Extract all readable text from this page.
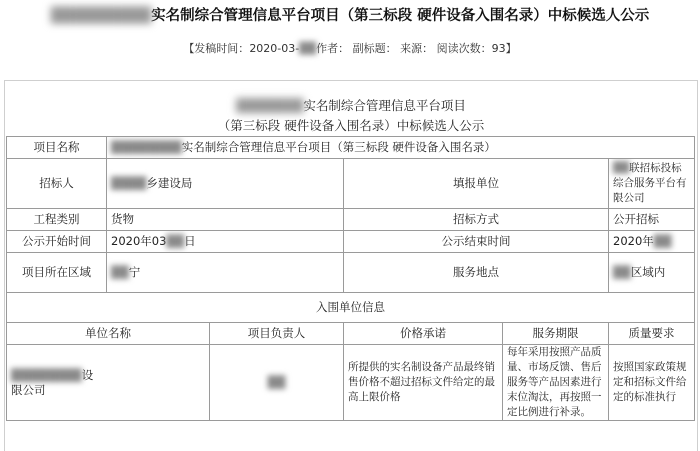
█████████实名制综合管理信息平台项目（第三标段 硬件设备入围名录）中标候选人公示
【发稿时间：2020-03-██作者： 副标题： 来源： 阅读次数：93】
███████实名制综合管理信息平台项目
（第三标段 硬件设备入围名录）中标候选人公示
项目名称	████████实名制综合管理信息平台项目（第三标段 硬件设备入围名录）				
招标人	████乡建设局		填报单位		██联招标投标综合服务平台有限公司
工程类别	货物		招标方式		公开招标
公示开始时间	2020年03██日		公示结束时间		2020年██
项目所在区域	██宁		服务地点		██区域内
入围单位信息					
单位名称		项目负责人	价格承诺	服务期限	质量要求
████████设
限公司		██	所提供的实名制设备产品最终销售价格不超过招标文件给定的最高上限价格	每年采用按照产品质量、市场反馈、售后服务等产品因素进行末位淘汰，再按照一定比例进行补录。	按照国家政策规定和招标文件给定的标准执行
